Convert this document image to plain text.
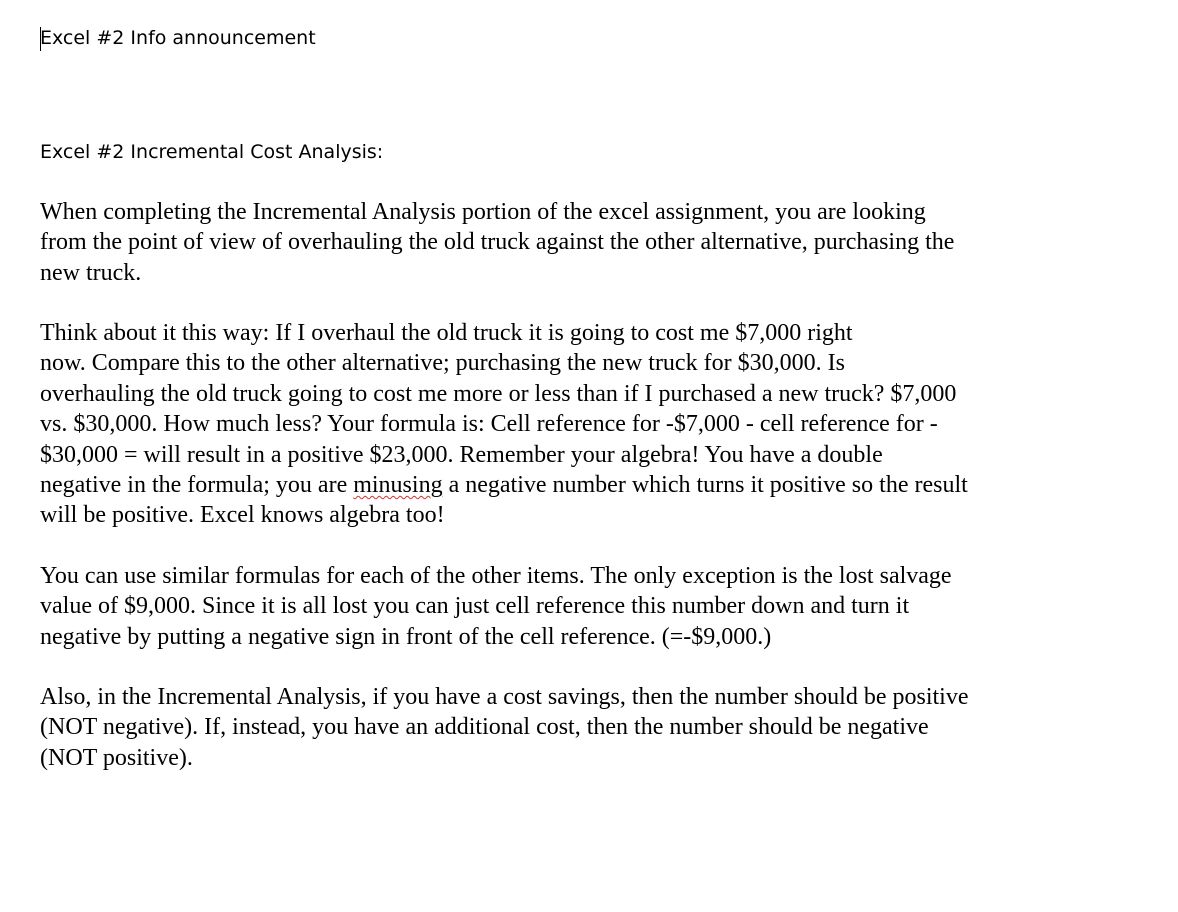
Excel #2 Info announcement
Excel #2 Incremental Cost Analysis:

When completing the Incremental Analysis portion of the excel assignment, you are looking
from the point of view of overhauling the old truck against the other alternative, purchasing the
new truck.

Think about it this way: If I overhaul the old truck it is going to cost me $7,000 right
now. Compare this to the other alternative; purchasing the new truck for $30,000. Is
overhauling the old truck going to cost me more or less than if I purchased a new truck? $7,000
vs. $30,000. How much less? Your formula is: Cell reference for -$7,000 - cell reference for -
$30,000 = will result in a positive $23,000. Remember your algebra! You have a double
negative in the formula; you are minusing a negative number which turns it positive so the result
will be positive. Excel knows algebra too!

You can use similar formulas for each of the other items. The only exception is the lost salvage
value of $9,000. Since it is all lost you can just cell reference this number down and turn it
negative by putting a negative sign in front of the cell reference. (=-$9,000.)

Also, in the Incremental Analysis, if you have a cost savings, then the number should be positive
(NOT negative). If, instead, you have an additional cost, then the number should be negative
(NOT positive).
